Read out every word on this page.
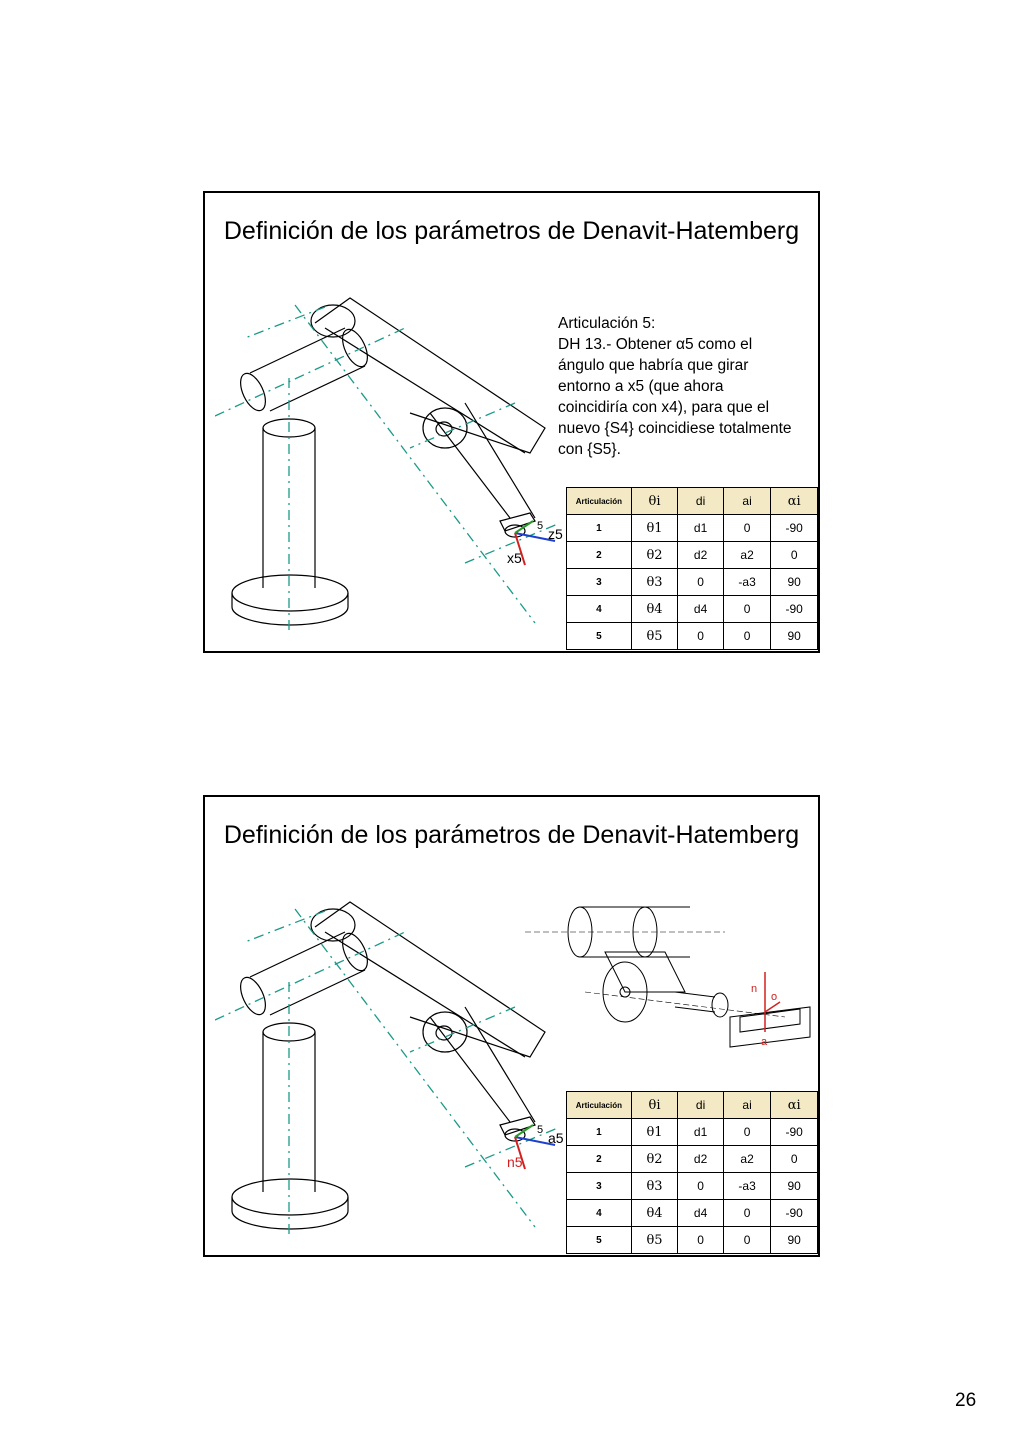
Definición de los parámetros de Denavit-Hatemberg
z5
x5
5
Articulación 5:
DH 13.- Obtener α5 como el
ángulo que habría que girar
entorno a x5 (que ahora
coincidiría con x4), para que el
nuevo {S4} coincidiese totalmente
con {S5}.
Articulación	θi	di	ai	αi
1	θ1	d1	0	-90
2	θ2	d2	a2	0
3	θ3	0	-a3	90
4	θ4	d4	0	-90
5	θ5	0	0	90
Definición de los parámetros de Denavit-Hatemberg
a5
n5
5
n
o
a
Articulación	θi	di	ai	αi
1	θ1	d1	0	-90
2	θ2	d2	a2	0
3	θ3	0	-a3	90
4	θ4	d4	0	-90
5	θ5	0	0	90
26
